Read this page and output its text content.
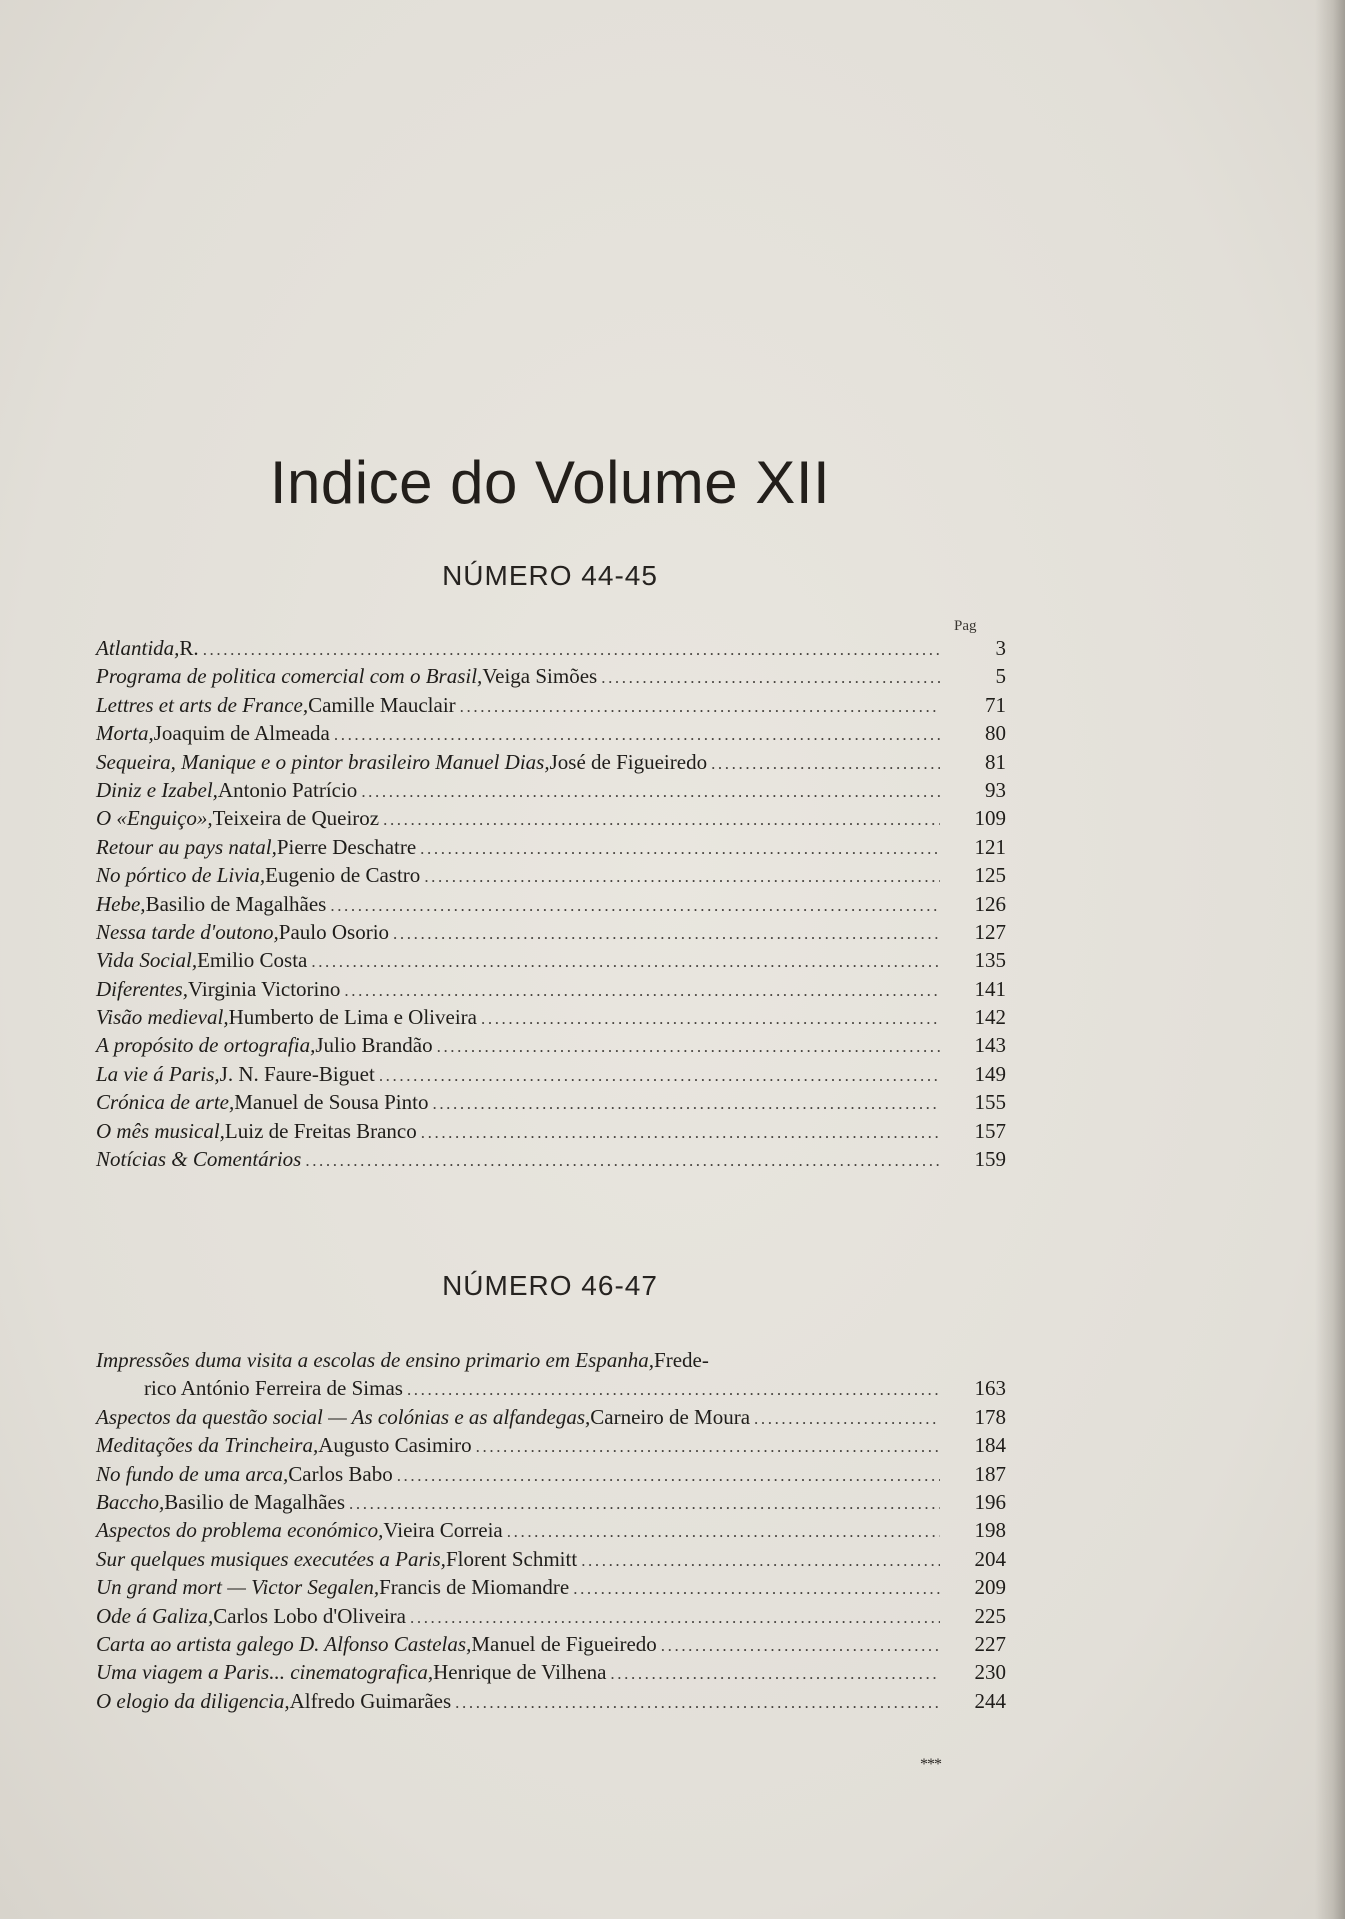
Indice do Volume XII
NÚMERO 44-45
Pag
Atlantida, R. .....	3
Programa de politica comercial com o Brasil, Veiga Simões .....	5
Lettres et arts de France, Camille Mauclair .....	71
Morta, Joaquim de Almeada .....	80
Sequeira, Manique e o pintor brasileiro Manuel Dias, José de Figueiredo .....	81
Diniz e Izabel, Antonio Patrício .....	93
O «Enguiço», Teixeira de Queiroz .....	109
Retour au pays natal, Pierre Deschatre .....	121
No pórtico de Livia, Eugenio de Castro .....	125
Hebe, Basilio de Magalhães .....	126
Nessa tarde d'outono, Paulo Osorio .....	127
Vida Social, Emilio Costa .....	135
Diferentes, Virginia Victorino .....	141
Visão medieval, Humberto de Lima e Oliveira .....	142
A propósito de ortografia, Julio Brandão .....	143
La vie á Paris, J. N. Faure-Biguet .....	149
Crónica de arte, Manuel de Sousa Pinto .....	155
O mês musical, Luiz de Freitas Branco .....	157
Notícias & Comentários .....	159
NÚMERO 46-47
Impressões duma visita a escolas de ensino primario em Espanha, Frede-
rico António Ferreira de Simas .....	163
Aspectos da questão social — As colónias e as alfandegas, Carneiro de Moura .....	178
Meditações da Trincheira, Augusto Casimiro .....	184
No fundo de uma arca, Carlos Babo .....	187
Baccho, Basilio de Magalhães .....	196
Aspectos do problema económico, Vieira Correia .....	198
Sur quelques musiques executées a Paris, Florent Schmitt .....	204
Un grand mort — Victor Segalen, Francis de Miomandre .....	209
Ode á Galiza, Carlos Lobo d'Oliveira .....	225
Carta ao artista galego D. Alfonso Castelas, Manuel de Figueiredo .....	227
Uma viagem a Paris... cinematografica, Henrique de Vilhena .....	230
O elogio da diligencia, Alfredo Guimarães .....	244
***
